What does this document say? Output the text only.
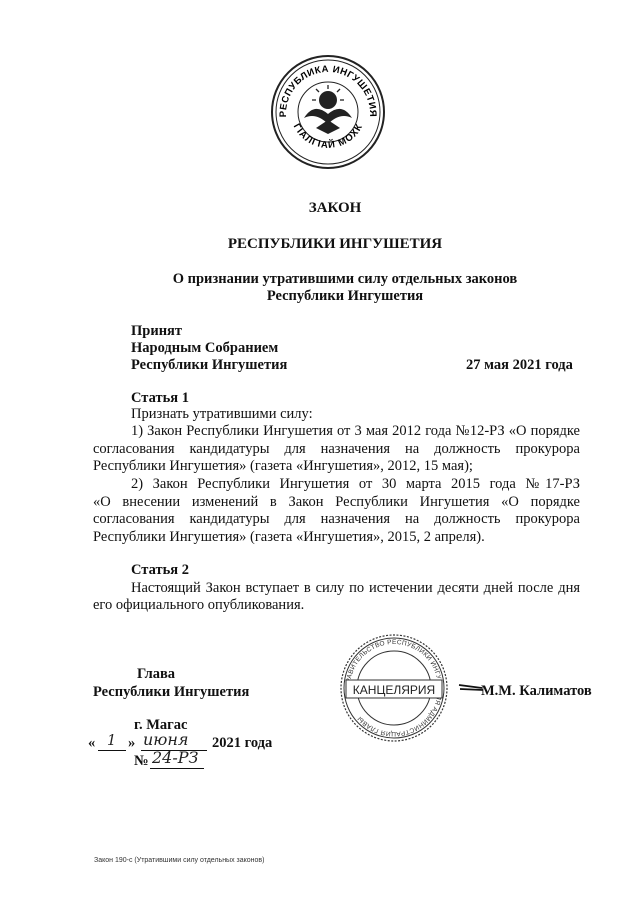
РЕСПУБЛИКА ИНГУШЕТИЯ
ГIАЛГIАЙ МОХК
ЗАКОН
РЕСПУБЛИКИ ИНГУШЕТИЯ
О признании утратившими силу отдельных законов
Республики Ингушетия
Принят
Народным Собранием
Республики Ингушетия	27 мая 2021 года
Статья 1
Признать утратившими силу:
1) Закон Республики Ингушетия от 3 мая 2012 года №12-РЗ «О порядке
согласования кандидатуры для назначения на должность прокурора
Республики Ингушетия» (газета «Ингушетия», 2012, 15 мая);
2) Закон Республики Ингушетия от 30 марта 2015 года №17-РЗ
«О внесении изменений в Закон Республики Ингушетия «О порядке
согласования кандидатуры для назначения на должность прокурора
Республики Ингушетия» (газета «Ингушетия», 2015, 2 апреля).
Статья 2
Настоящий Закон вступает в силу по истечении десяти дней после дня
его официального опубликования.
Глава
Республики Ингушетия
АВИТЕЛЬСТВО РЕСПУБЛИКИ ИНГУ Я АДМИНИСТРАЦИЯ ГЛАВЫ
КАНЦЕЛЯРИЯ	М.М. Калиматов
г. Магас
« 1 » июня 2021 года
№ 24-РЗ
Закон 190-с (Утратившими силу отдельных законов)
